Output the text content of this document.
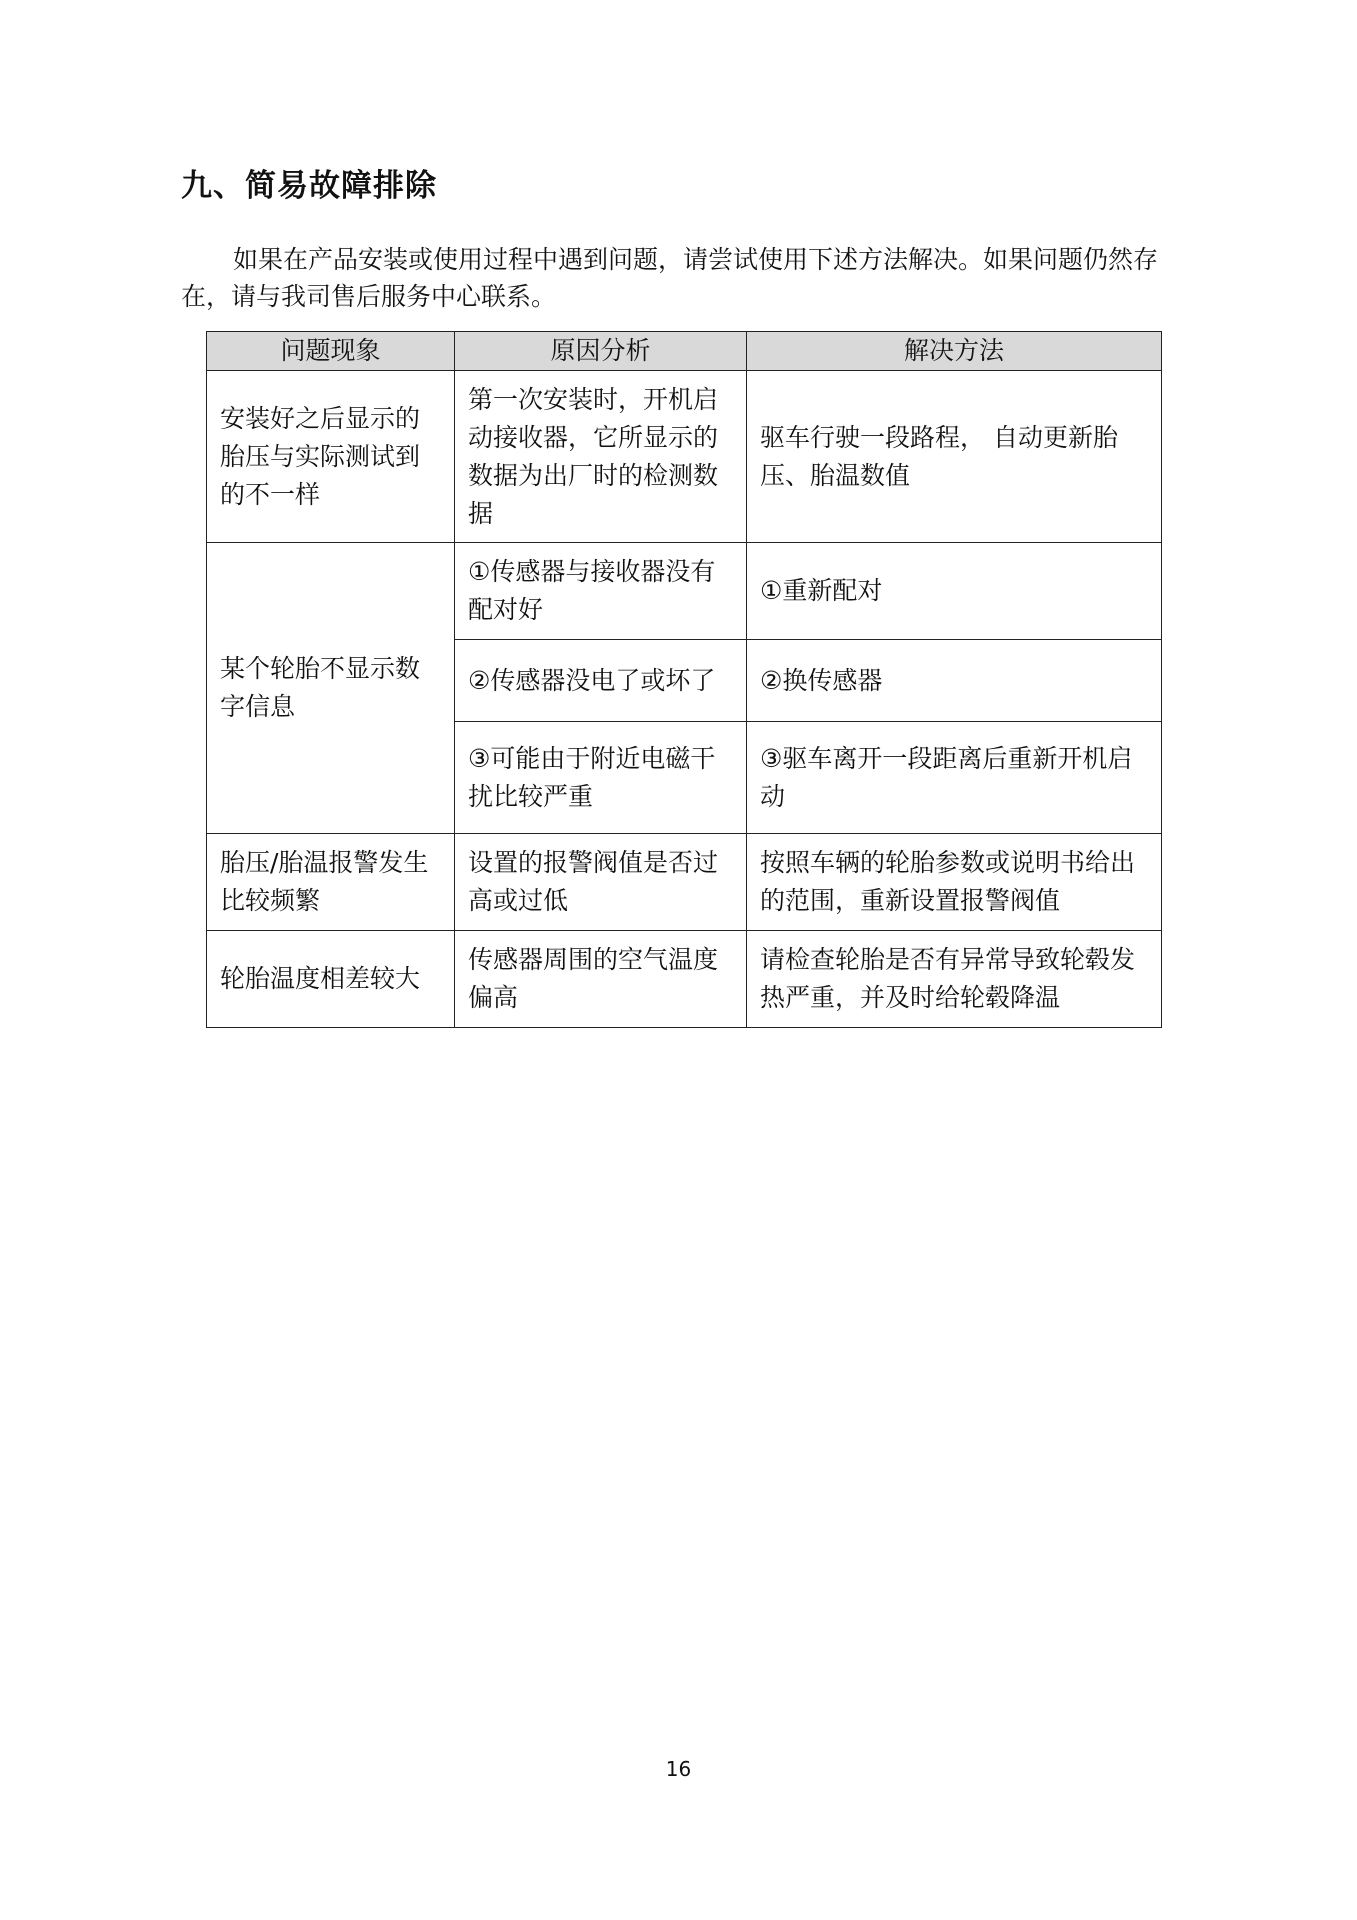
九、简易故障排除

如果在产品安装或使用过程中遇到问题，请尝试使用下述方法解决。如果问题仍然存在，请与我司售后服务中心联系。

问题现象	原因分析	解决方法
安装好之后显示的胎压与实际测试到的不一样	第一次安装时，开机启动接收器，它所显示的数据为出厂时的检测数据	驱车行驶一段路程， 自动更新胎压、胎温数值
某个轮胎不显示数字信息	①传感器与接收器没有配对好	①重新配对
	②传感器没电了或坏了	②换传感器
	③可能由于附近电磁干扰比较严重	③驱车离开一段距离后重新开机启动
胎压/胎温报警发生比较频繁	设置的报警阀值是否过高或过低	按照车辆的轮胎参数或说明书给出的范围，重新设置报警阀值
轮胎温度相差较大	传感器周围的空气温度偏高	请检查轮胎是否有异常导致轮毂发热严重，并及时给轮毂降温
16
